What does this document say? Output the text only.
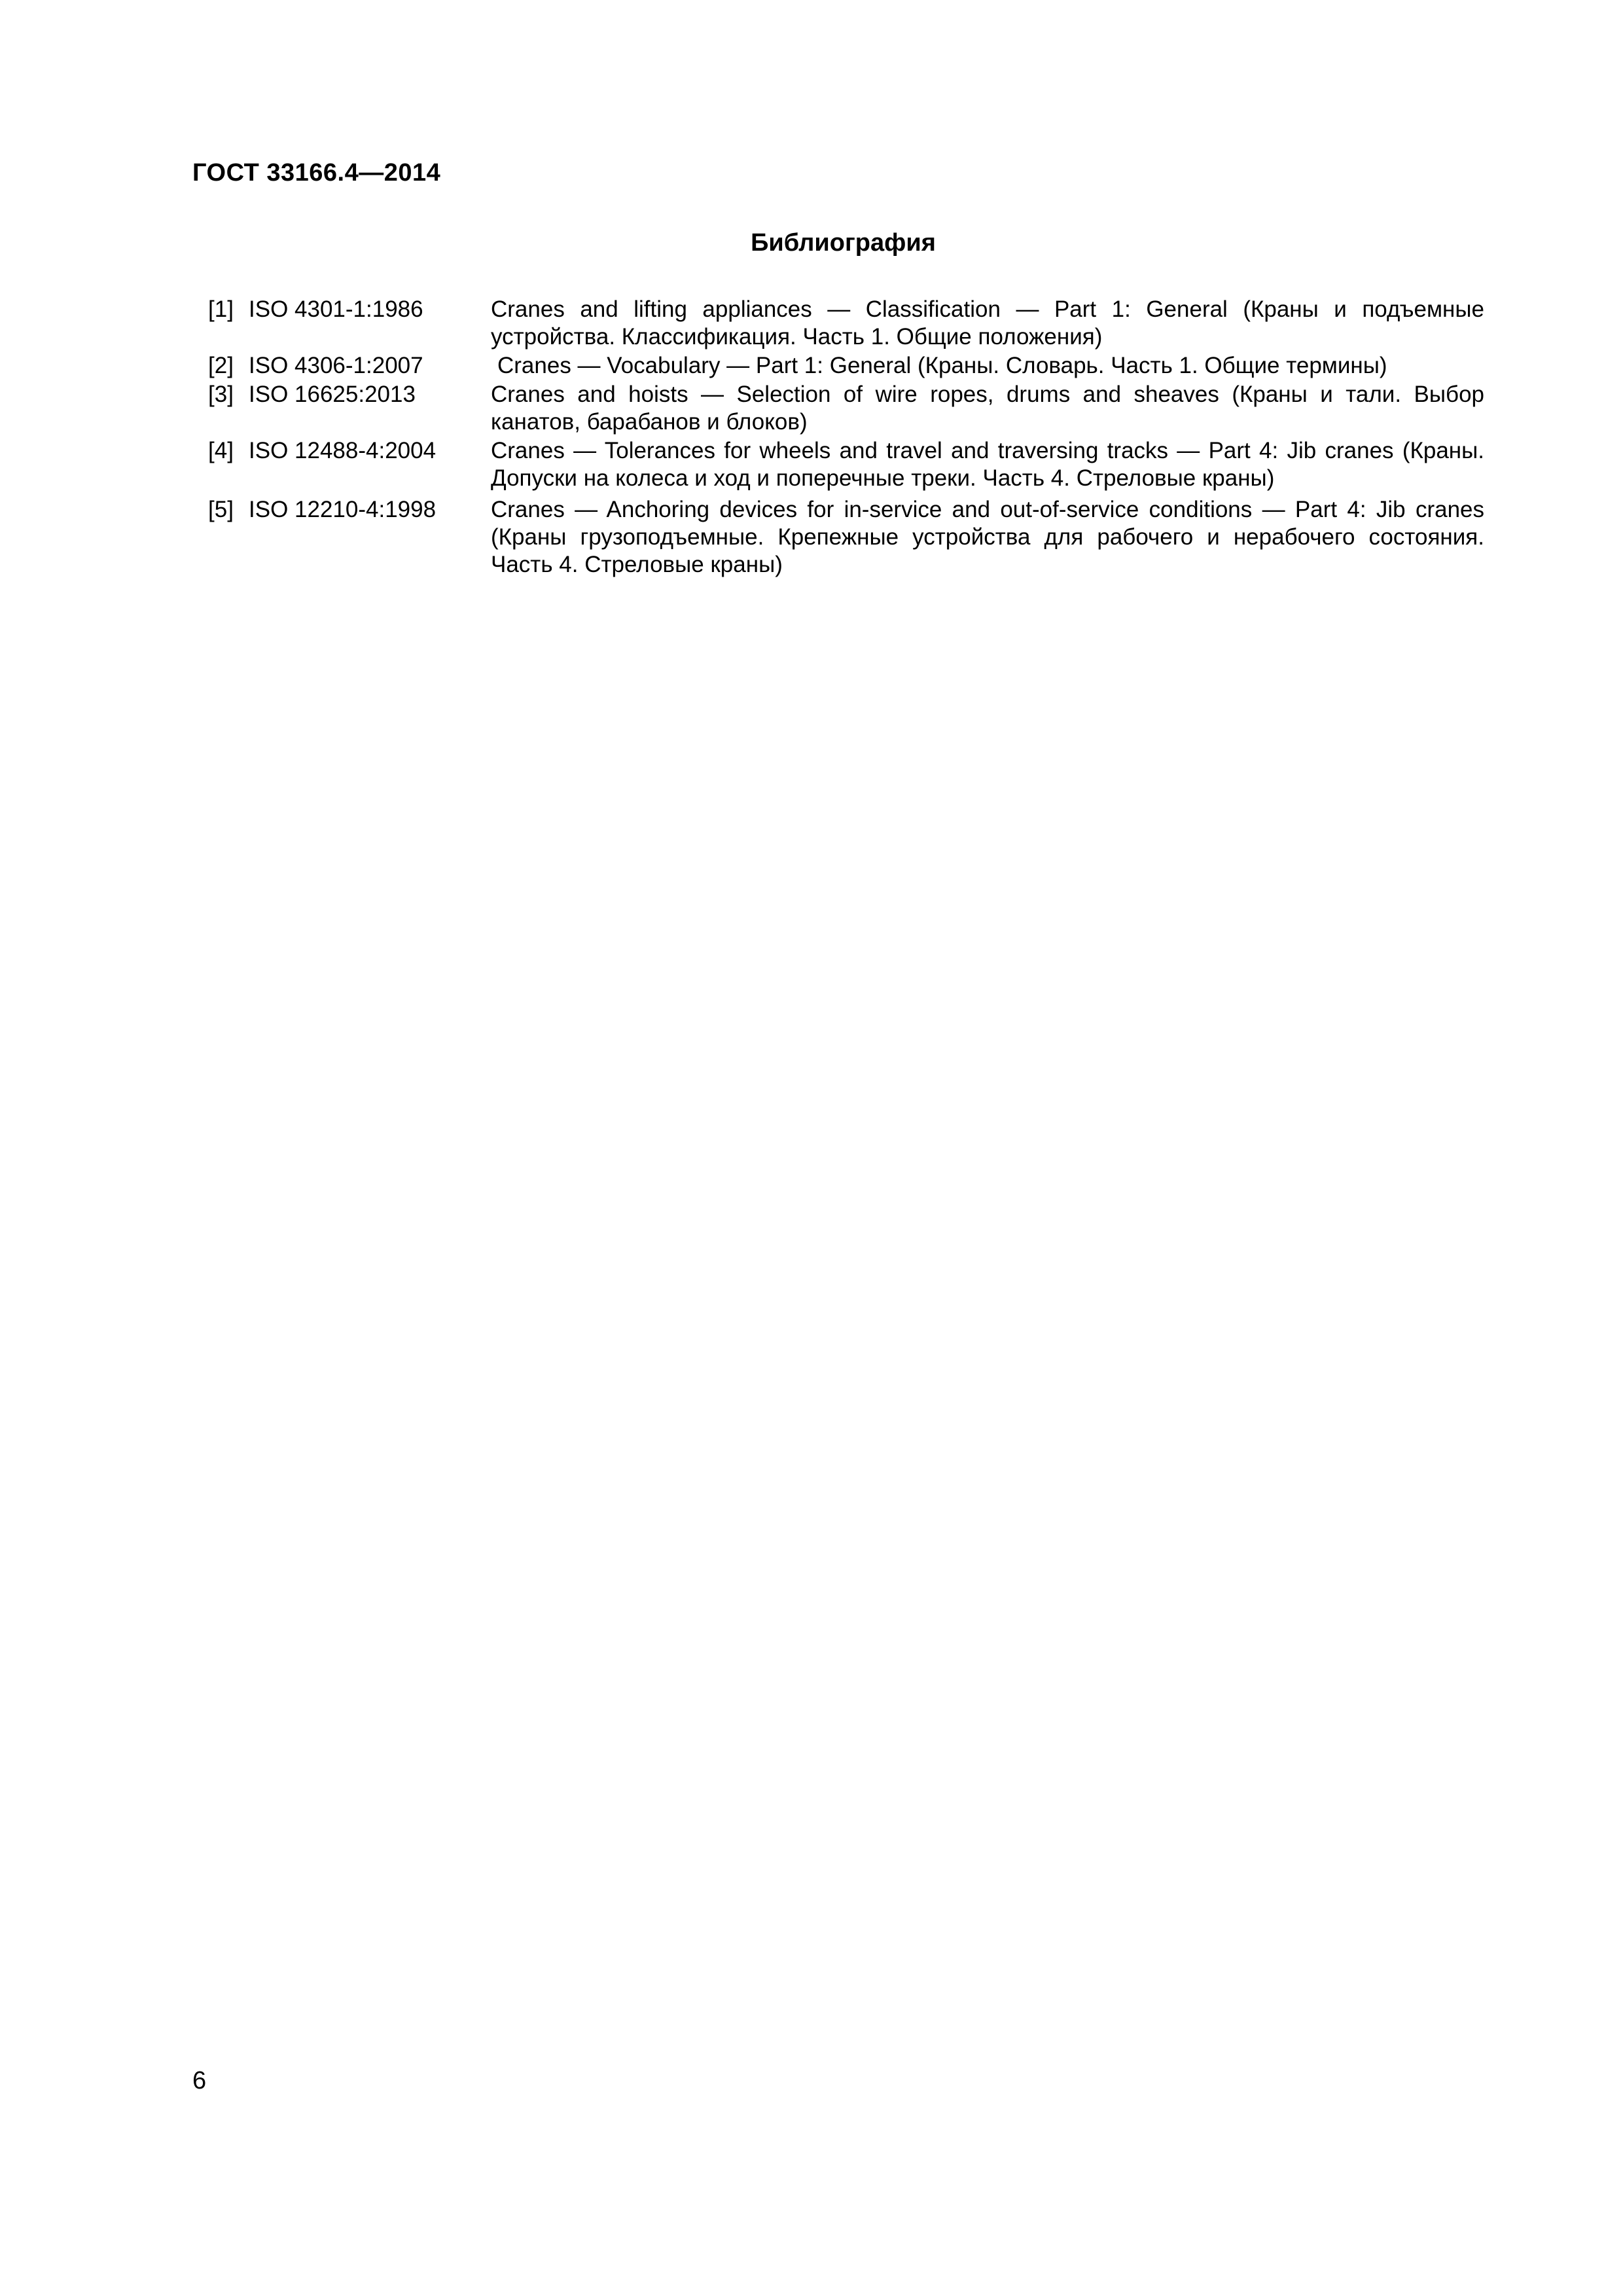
ГОСТ 33166.4—2014
Библиография
[1] ISO 4301-1:1986	Cranes and lifting appliances — Classification — Part 1: General (Краны и подъемные устройства. Классификация. Часть 1. Общие положения)
[2] ISO 4306-1:2007	Cranes — Vocabulary — Part 1: General (Краны. Словарь. Часть 1. Общие термины)
[3] ISO 16625:2013	Cranes and hoists — Selection of wire ropes, drums and sheaves (Краны и тали. Выбор канатов, барабанов и блоков)
[4] ISO 12488-4:2004	Cranes — Tolerances for wheels and travel and traversing tracks — Part 4: Jib cranes (Краны. Допуски на колеса и ход и поперечные треки. Часть 4. Стреловые краны)
[5] ISO 12210-4:1998	Cranes — Anchoring devices for in-service and out-of-service conditions — Part 4: Jib cranes (Краны грузоподъемные. Крепежные устройства для рабочего и нерабочего состояния. Часть 4. Стреловые краны)
6
